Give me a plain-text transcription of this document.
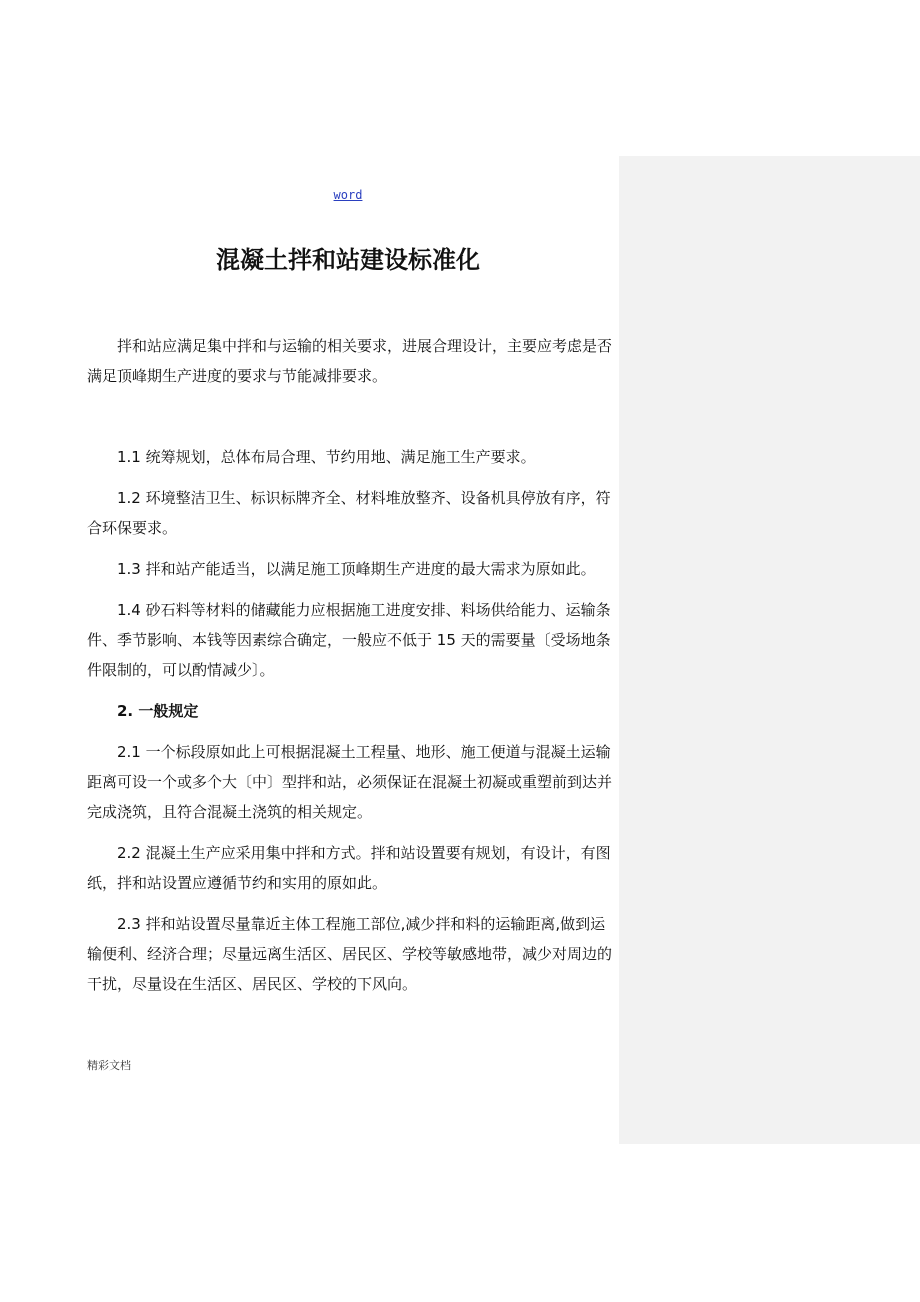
word
混凝土拌和站建设标准化

拌和站应满足集中拌和与运输的相关要求，进展合理设计，主要应考虑是否满足顶峰期生产进度的要求与节能减排要求。

1.1 统筹规划，总体布局合理、节约用地、满足施工生产要求。

1.2 环境整洁卫生、标识标牌齐全、材料堆放整齐、设备机具停放有序，符合环保要求。

1.3 拌和站产能适当，以满足施工顶峰期生产进度的最大需求为原如此。

1.4 砂石料等材料的储藏能力应根据施工进度安排、料场供给能力、运输条件、季节影响、本钱等因素综合确定，一般应不低于 15 天的需要量〔受场地条件限制的，可以酌情减少〕。

2. 一般规定

2.1 一个标段原如此上可根据混凝土工程量、地形、施工便道与混凝土运输距离可设一个或多个大〔中〕型拌和站，必须保证在混凝土初凝或重塑前到达并完成浇筑，且符合混凝土浇筑的相关规定。

2.2 混凝土生产应采用集中拌和方式。拌和站设置要有规划，有设计，有图纸，拌和站设置应遵循节约和实用的原如此。

2.3 拌和站设置尽量靠近主体工程施工部位,减少拌和料的运输距离,做到运输便利、经济合理；尽量远离生活区、居民区、学校等敏感地带，减少对周边的干扰，尽量设在生活区、居民区、学校的下风向。

精彩文档
